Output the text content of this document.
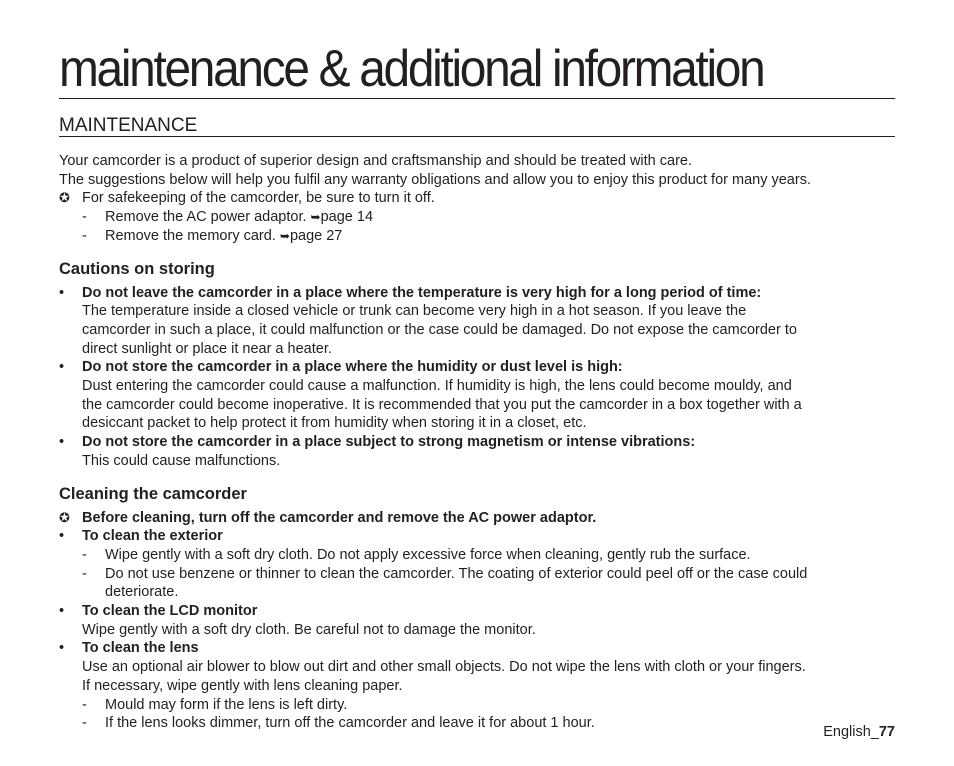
maintenance & additional information
MAINTENANCE

Your camcorder is a product of superior design and craftsmanship and should be treated with care.

The suggestions below will help you fulfil any warranty obligations and allow you to enjoy this product for many years.

✪ For safekeeping of the camcorder, be sure to turn it off.
-	Remove the AC power adaptor. ➥page 14
-	Remove the memory card. ➥page 27
Cautions on storing
•	Do not leave the camcorder in a place where the temperature is very high for a long period of time:

The temperature inside a closed vehicle or trunk can become very high in a hot season. If you leave the

camcorder in such a place, it could malfunction or the case could be damaged. Do not expose the camcorder to

direct sunlight or place it near a heater.

•	Do not store the camcorder in a place where the humidity or dust level is high:

Dust entering the camcorder could cause a malfunction. If humidity is high, the lens could become mouldy, and

the camcorder could become inoperative. It is recommended that you put the camcorder in a box together with a

desiccant packet to help protect it from humidity when storing it in a closet, etc.

•	Do not store the camcorder in a place subject to strong magnetism or intense vibrations:

This could cause malfunctions.

Cleaning the camcorder
✪ Before cleaning, turn off the camcorder and remove the AC power adaptor.
•	To clean the exterior
-	Wipe gently with a soft dry cloth. Do not apply excessive force when cleaning, gently rub the surface.
-	Do not use benzene or thinner to clean the camcorder. The coating of exterior could peel off or the case could
deteriorate.
•	To clean the LCD monitor

Wipe gently with a soft dry cloth. Be careful not to damage the monitor.

•	To clean the lens

Use an optional air blower to blow out dirt and other small objects. Do not wipe the lens with cloth or your fingers.

If necessary, wipe gently with lens cleaning paper.

-	Mould may form if the lens is left dirty.
-	If the lens looks dimmer, turn off the camcorder and leave it for about 1 hour.
English_77
